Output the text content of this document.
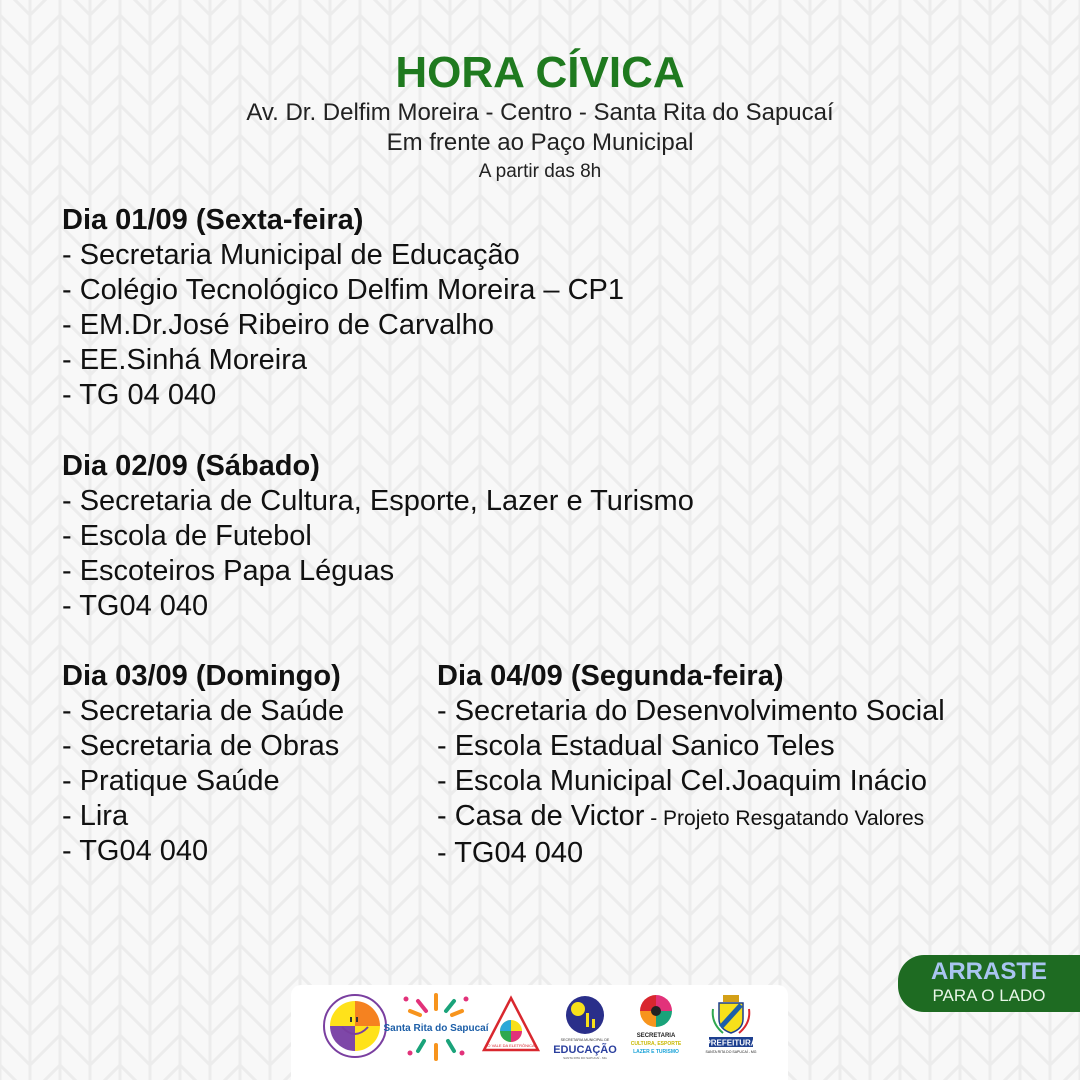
HORA CÍVICA
Av. Dr. Delfim Moreira - Centro - Santa Rita do Sapucaí
Em frente ao Paço Municipal
A partir das 8h
Dia 01/09 (Sexta-feira)
- Secretaria Municipal de Educação
- Colégio Tecnológico Delfim Moreira – CP1
- EM.Dr.José Ribeiro de Carvalho
- EE.Sinhá Moreira
- TG 04 040
Dia 02/09 (Sábado)
- Secretaria de Cultura, Esporte, Lazer e Turismo
- Escola de Futebol
- Escoteiros Papa Léguas
- TG04 040
Dia 03/09 (Domingo)
- Secretaria de Saúde
- Secretaria de Obras
- Pratique Saúde
- Lira
- TG04 040
Dia 04/09 (Segunda-feira)
- Secretaria do Desenvolvimento Social
- Escola Estadual Sanico Teles
- Escola Municipal Cel.Joaquim Inácio
- Casa de Victor - Projeto Resgatando Valores
- TG04 040
Santa Rita do Sapucaí
O VALE DA ELETRÔNICA
SECRETARIA MUNICIPAL DE
EDUCAÇÃO
SANTA RITA DO SAPUCAÍ - MG
SECRETARIA
CULTURA, ESPORTE
LAZER E TURISMO
PREFEITURA
SANTA RITA DO SAPUCAÍ - MG
ARRASTE
PARA O LADO
